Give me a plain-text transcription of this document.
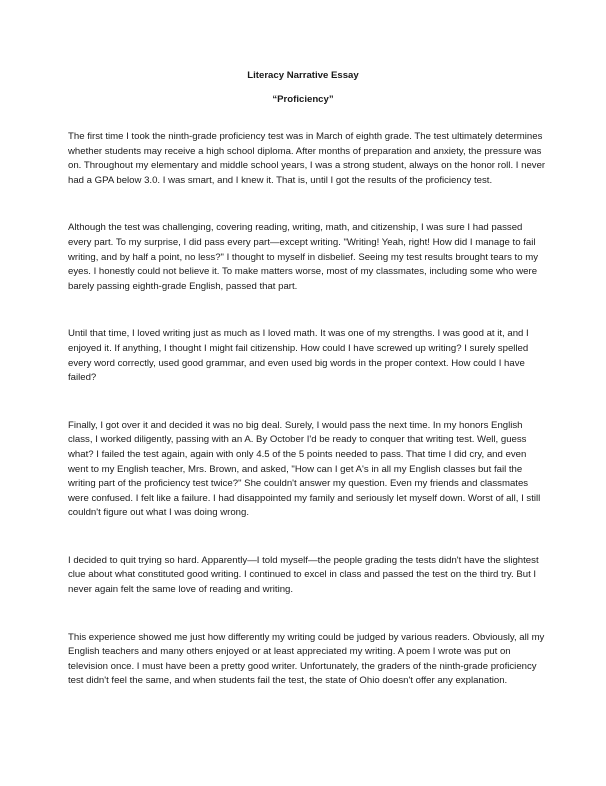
Literacy Narrative Essay
“Proficiency”

The first time I took the ninth-grade proficiency test was in March of eighth grade. The test ultimately determines whether students may receive a high school diploma. After months of preparation and anxiety, the pressure was on. Throughout my elementary and middle school years, I was a strong student, always on the honor roll. I never had a GPA below 3.0. I was smart, and I knew it. That is, until I got the results of the proficiency test.

Although the test was challenging, covering reading, writing, math, and citizenship, I was sure I had passed every part. To my surprise, I did pass every part—except writing. "Writing! Yeah, right! How did I manage to fail writing, and by half a point, no less?" I thought to myself in disbelief. Seeing my test results brought tears to my eyes. I honestly could not believe it. To make matters worse, most of my classmates, including some who were barely passing eighth-grade English, passed that part.

Until that time, I loved writing just as much as I loved math. It was one of my strengths. I was good at it, and I enjoyed it. If anything, I thought I might fail citizenship. How could I have screwed up writing? I surely spelled every word correctly, used good grammar, and even used big words in the proper context. How could I have failed?

Finally, I got over it and decided it was no big deal. Surely, I would pass the next time. In my honors English class, I worked diligently, passing with an A. By October I'd be ready to conquer that writing test. Well, guess what? I failed the test again, again with only 4.5 of the 5 points needed to pass. That time I did cry, and even went to my English teacher, Mrs. Brown, and asked, "How can I get A's in all my English classes but fail the writing part of the proficiency test twice?" She couldn't answer my question. Even my friends and classmates were confused. I felt like a failure. I had disappointed my family and seriously let myself down. Worst of all, I still couldn't figure out what I was doing wrong.

I decided to quit trying so hard. Apparently—I told myself—the people grading the tests didn't have the slightest clue about what constituted good writing. I continued to excel in class and passed the test on the third try. But I never again felt the same love of reading and writing.

This experience showed me just how differently my writing could be judged by various readers. Obviously, all my English teachers and many others enjoyed or at least appreciated my writing. A poem I wrote was put on television once. I must have been a pretty good writer. Unfortunately, the graders of the ninth-grade proficiency test didn't feel the same, and when students fail the test, the state of Ohio doesn't offer any explanation.
